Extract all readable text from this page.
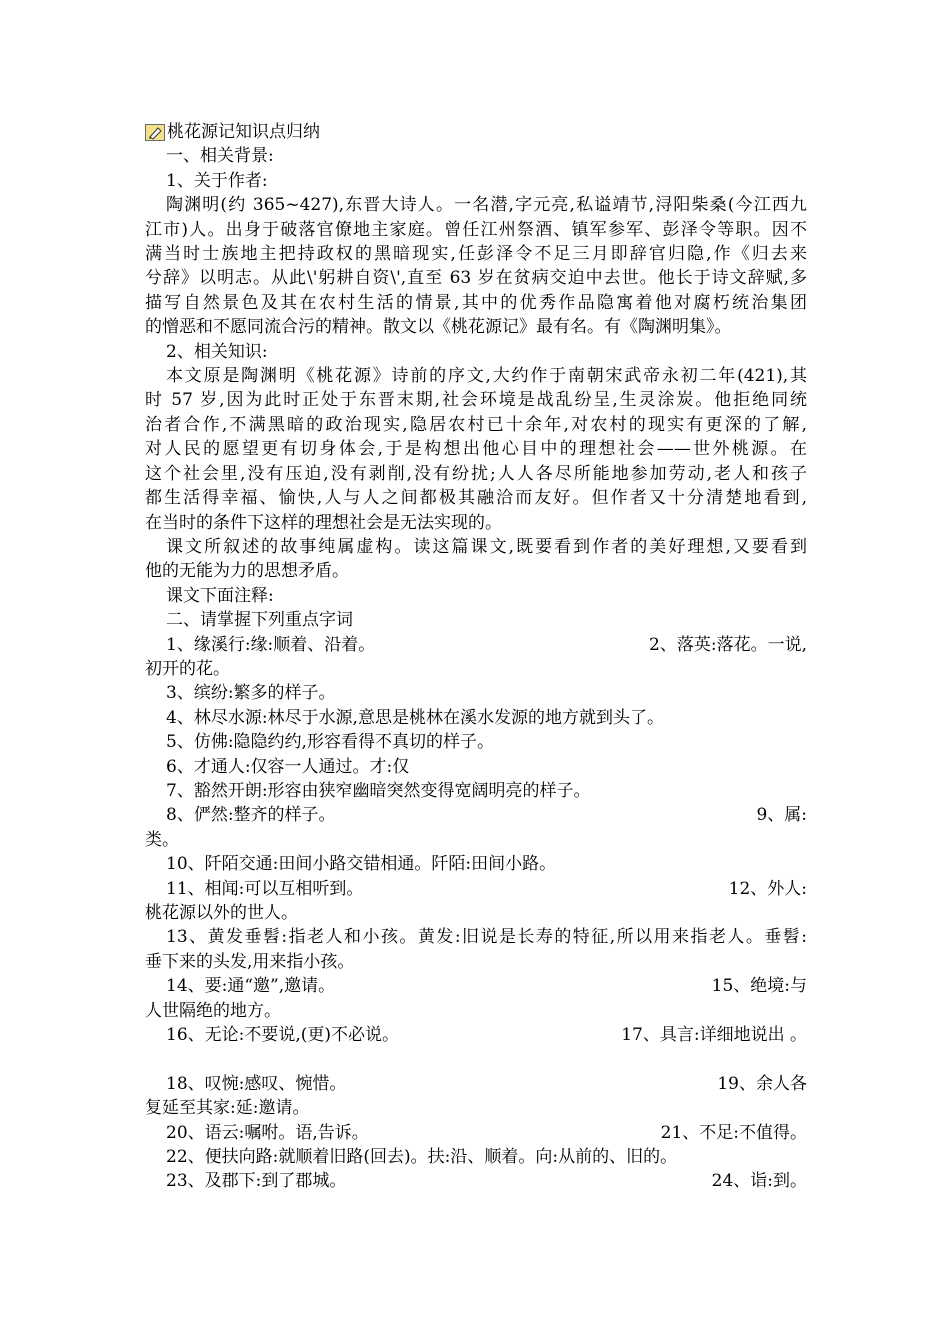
桃花源记知识点归纳
一、相关背景:
1、关于作者:
陶渊明(约 365~427),东晋大诗人。一名潜,字元亮,私谥靖节,浔阳柴桑(今江西九
江市)人。出身于破落官僚地主家庭。曾任江州祭酒、镇军参军、彭泽令等职。因不
满当时士族地主把持政权的黑暗现实,任彭泽令不足三月即辞官归隐,作《归去来
兮辞》以明志。从此\'躬耕自资\',直至 63 岁在贫病交迫中去世。他长于诗文辞赋,多
描写自然景色及其在农村生活的情景,其中的优秀作品隐寓着他对腐朽统治集团
的憎恶和不愿同流合污的精神。散文以《桃花源记》最有名。有《陶渊明集》。
2、相关知识:
本文原是陶渊明《桃花源》诗前的序文,大约作于南朝宋武帝永初二年(421),其
时 57 岁,因为此时正处于东晋末期,社会环境是战乱纷呈,生灵涂炭。他拒绝同统
治者合作,不满黑暗的政治现实,隐居农村已十余年,对农村的现实有更深的了解,
对人民的愿望更有切身体会,于是构想出他心目中的理想社会——世外桃源。在
这个社会里,没有压迫,没有剥削,没有纷扰;人人各尽所能地参加劳动,老人和孩子
都生活得幸福、愉快,人与人之间都极其融洽而友好。但作者又十分清楚地看到,
在当时的条件下这样的理想社会是无法实现的。
课文所叙述的故事纯属虚构。读这篇课文,既要看到作者的美好理想,又要看到
他的无能为力的思想矛盾。
课文下面注释:
二、请掌握下列重点字词
1、缘溪行:缘:顺着、沿着。	2、落英:落花。一说,
初开的花。
3、缤纷:繁多的样子。
4、林尽水源:林尽于水源,意思是桃林在溪水发源的地方就到头了。
5、仿佛:隐隐约约,形容看得不真切的样子。
6、才通人:仅容一人通过。才:仅
7、豁然开朗:形容由狭窄幽暗突然变得宽阔明亮的样子。
8、俨然:整齐的样子。	9、属:
类。
10、阡陌交通:田间小路交错相通。阡陌:田间小路。
11、相闻:可以互相听到。	12、外人:
桃花源以外的世人。
13、黄发垂髫:指老人和小孩。黄发:旧说是长寿的特征,所以用来指老人。垂髫:
垂下来的头发,用来指小孩。
14、要:通“邀”,邀请。	15、绝境:与
人世隔绝的地方。
16、无论:不要说,(更)不必说。	17、具言:详细地说出 。
18、叹惋:感叹、惋惜。	19、余人各
复延至其家:延:邀请。
20、语云:嘱咐。语,告诉。	21、不足:不值得。
22、便扶向路:就顺着旧路(回去)。扶:沿、顺着。向:从前的、旧的。
23、及郡下:到了郡城。	24、诣:到。
